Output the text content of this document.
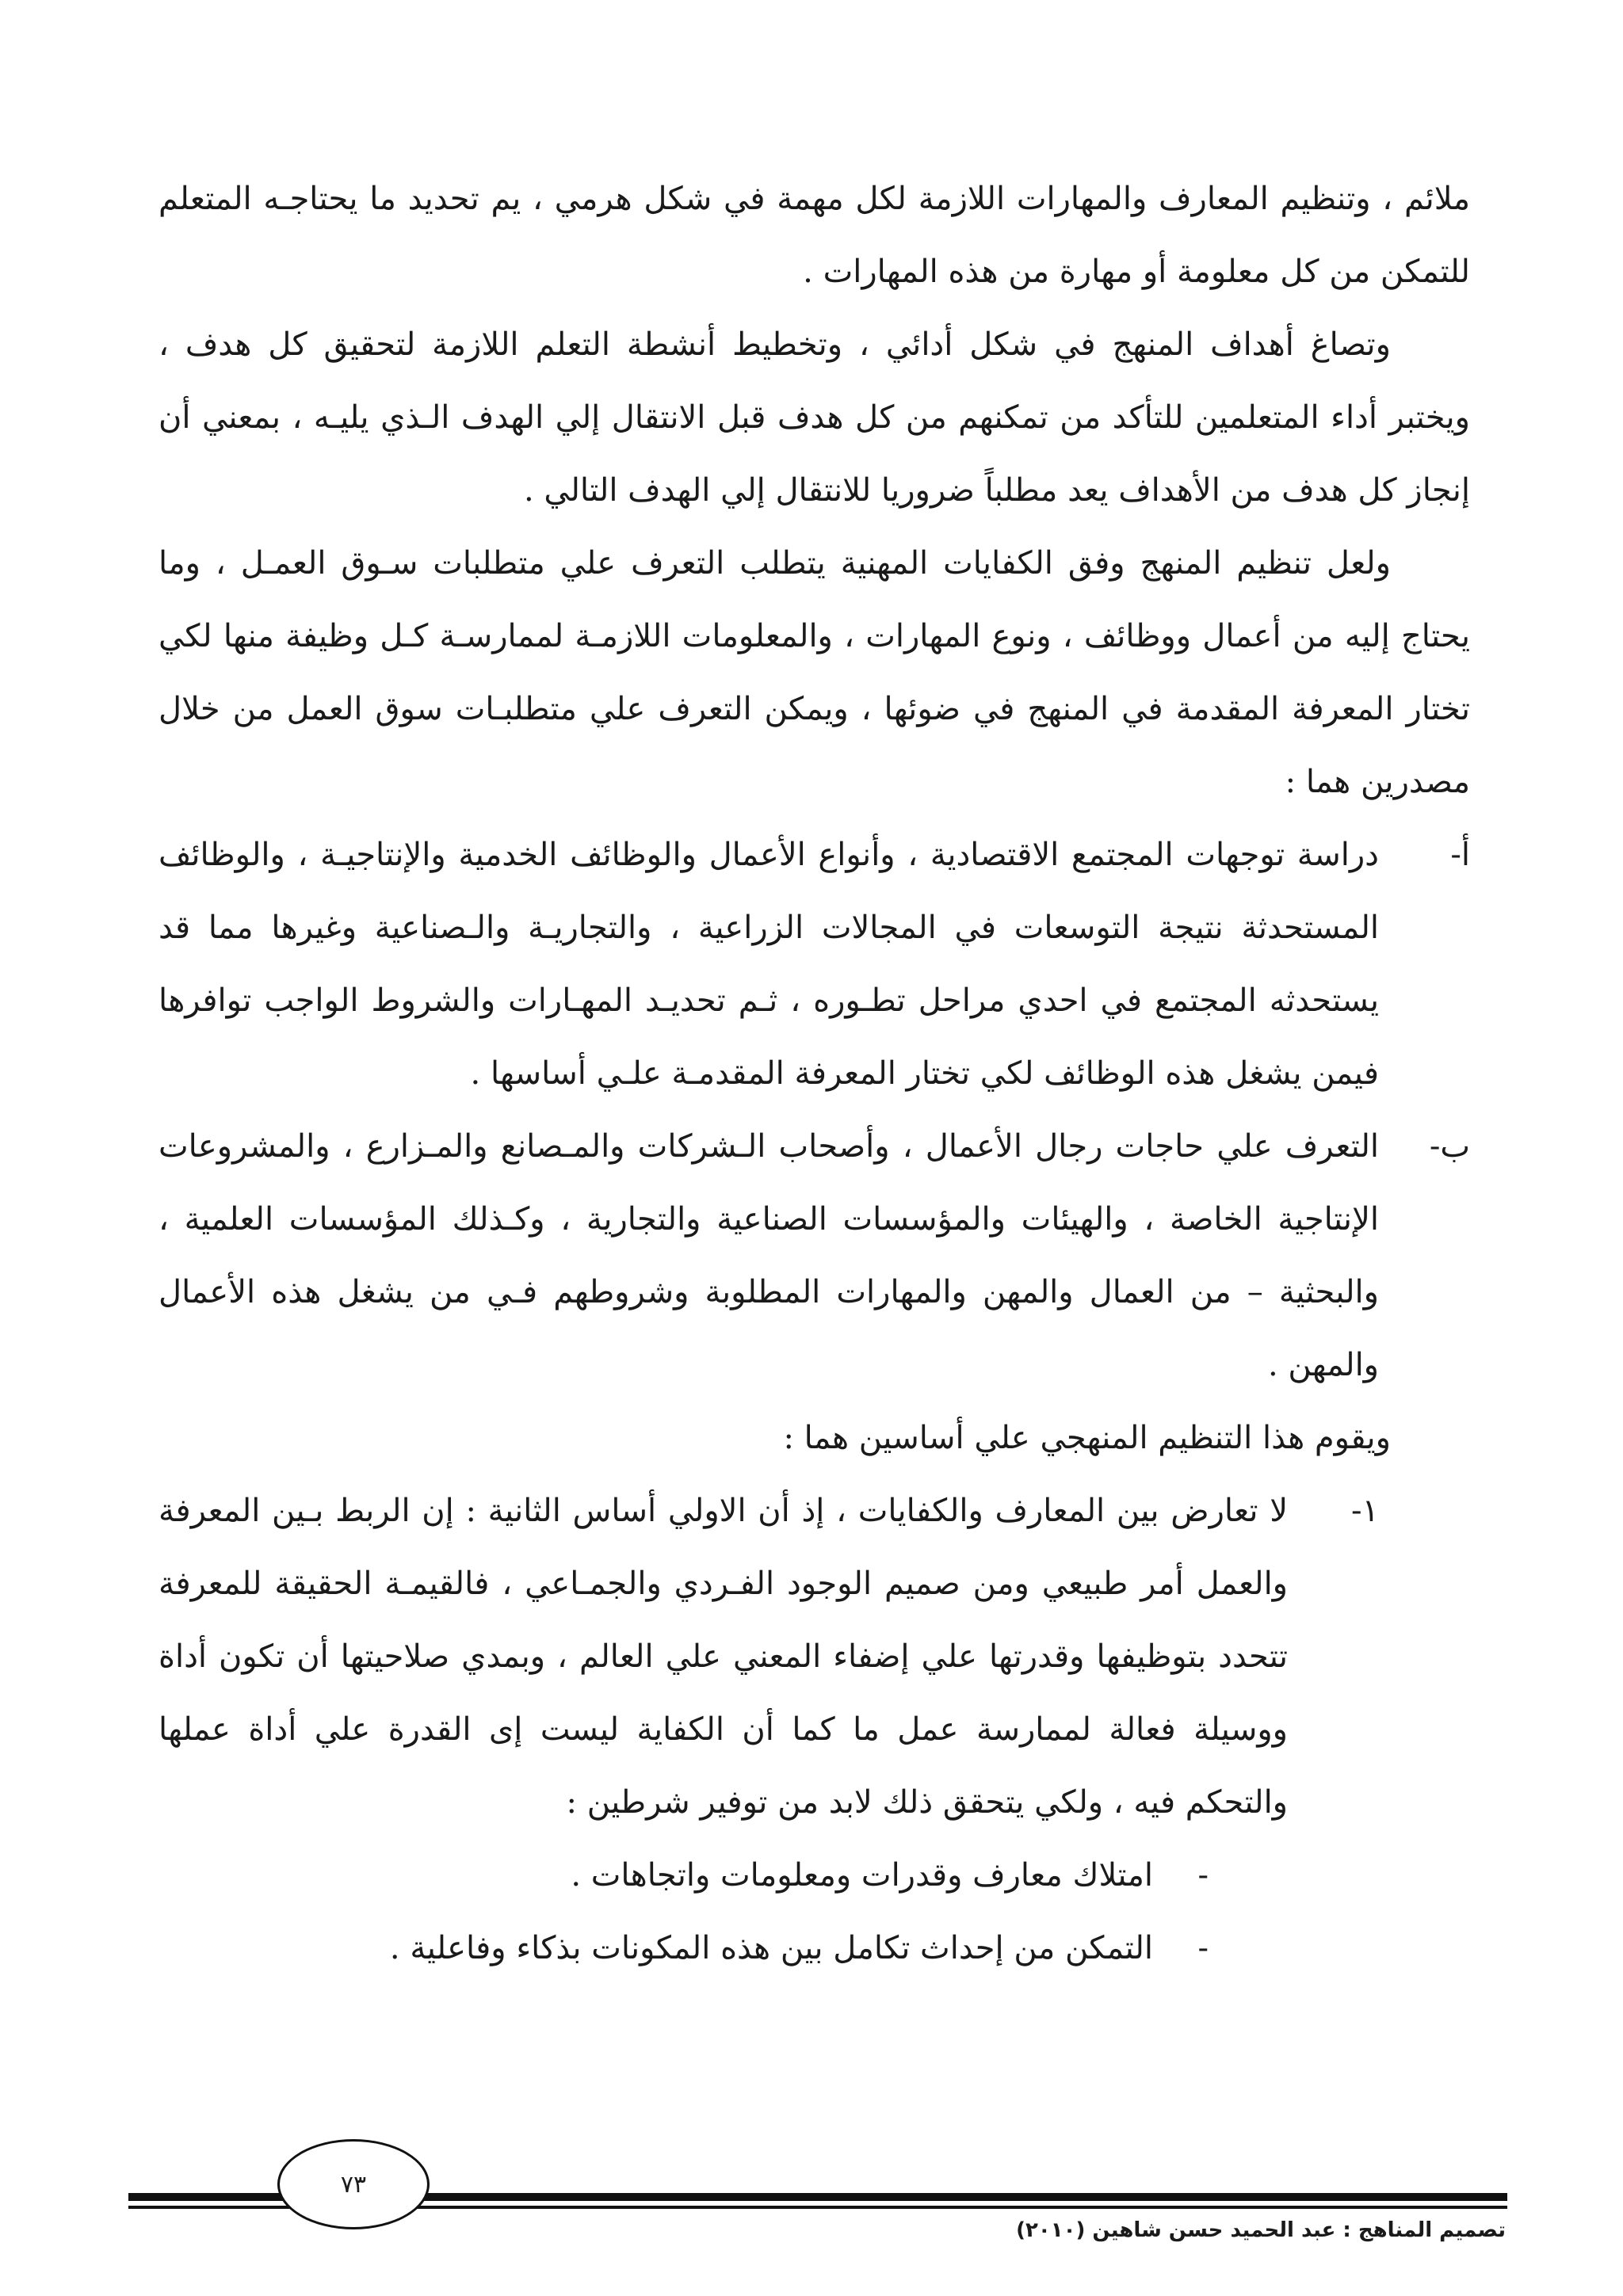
ملائم ، وتنظيم المعارف والمهارات اللازمة لكل مهمة في شكل هرمي ، يم تحديد ما يحتاجـه المتعلم للتمكن من كل معلومة أو مهارة من هذه المهارات .

وتصاغ أهداف المنهج في شكل أدائي ، وتخطيط أنشطة التعلم اللازمة لتحقيق كل هدف ، ويختبر أداء المتعلمين للتأكد من تمكنهم من كل هدف قبل الانتقال إلي الهدف الـذي يليـه ، بمعني أن إنجاز كل هدف من الأهداف يعد مطلباً ضروريا للانتقال إلي الهدف التالي .

ولعل تنظيم المنهج وفق الكفايات المهنية يتطلب التعرف علي متطلبات سـوق العمـل ، وما يحتاج إليه من أعمال ووظائف ، ونوع المهارات ، والمعلومات اللازمـة لممارسـة كـل وظيفة منها لكي تختار المعرفة المقدمة في المنهج في ضوئها ، ويمكن التعرف علي متطلبـات سوق العمل من خلال مصدرين هما :

أ-
دراسة توجهات المجتمع الاقتصادية ، وأنواع الأعمال والوظائف الخدمية والإنتاجيـة ، والوظائف المستحدثة نتيجة التوسعات في المجالات الزراعية ، والتجاريـة والـصناعية وغيرها مما قد يستحدثه المجتمع في احدي مراحل تطـوره ، ثـم تحديـد المهـارات والشروط الواجب توافرها فيمن يشغل هذه الوظائف لكي تختار المعرفة المقدمـة علـي أساسها .
ب-
التعرف علي حاجات رجال الأعمال ، وأصحاب الـشركات والمـصانع والمـزارع ، والمشروعات الإنتاجية الخاصة ، والهيئات والمؤسسات الصناعية والتجارية ، وكـذلك المؤسسات العلمية ، والبحثية – من العمال والمهن والمهارات المطلوبة وشروطهم فـي من يشغل هذه الأعمال والمهن .

ويقوم هذا التنظيم المنهجي علي أساسين هما :

١-
لا تعارض بين المعارف والكفايات ، إذ أن الاولي أساس الثانية : إن الربط بـين المعرفة والعمل أمر طبيعي ومن صميم الوجود الفـردي والجمـاعي ، فالقيمـة الحقيقة للمعرفة تتحدد بتوظيفها وقدرتها علي إضفاء المعني علي العالم ، وبمدي صلاحيتها أن تكون أداة ووسيلة فعالة لممارسة عمل ما كما أن الكفاية ليست إى القدرة علي أداة عملها والتحكم فيه ، ولكي يتحقق ذلك لابد من توفير شرطين :
-
امتلاك معارف وقدرات ومعلومات واتجاهات .
-
التمكن من إحداث تكامل بين هذه المكونات بذكاء وفاعلية .
٧٣
تصميم المناهج : عبد الحميد حسن شاهين (٢٠١٠)
